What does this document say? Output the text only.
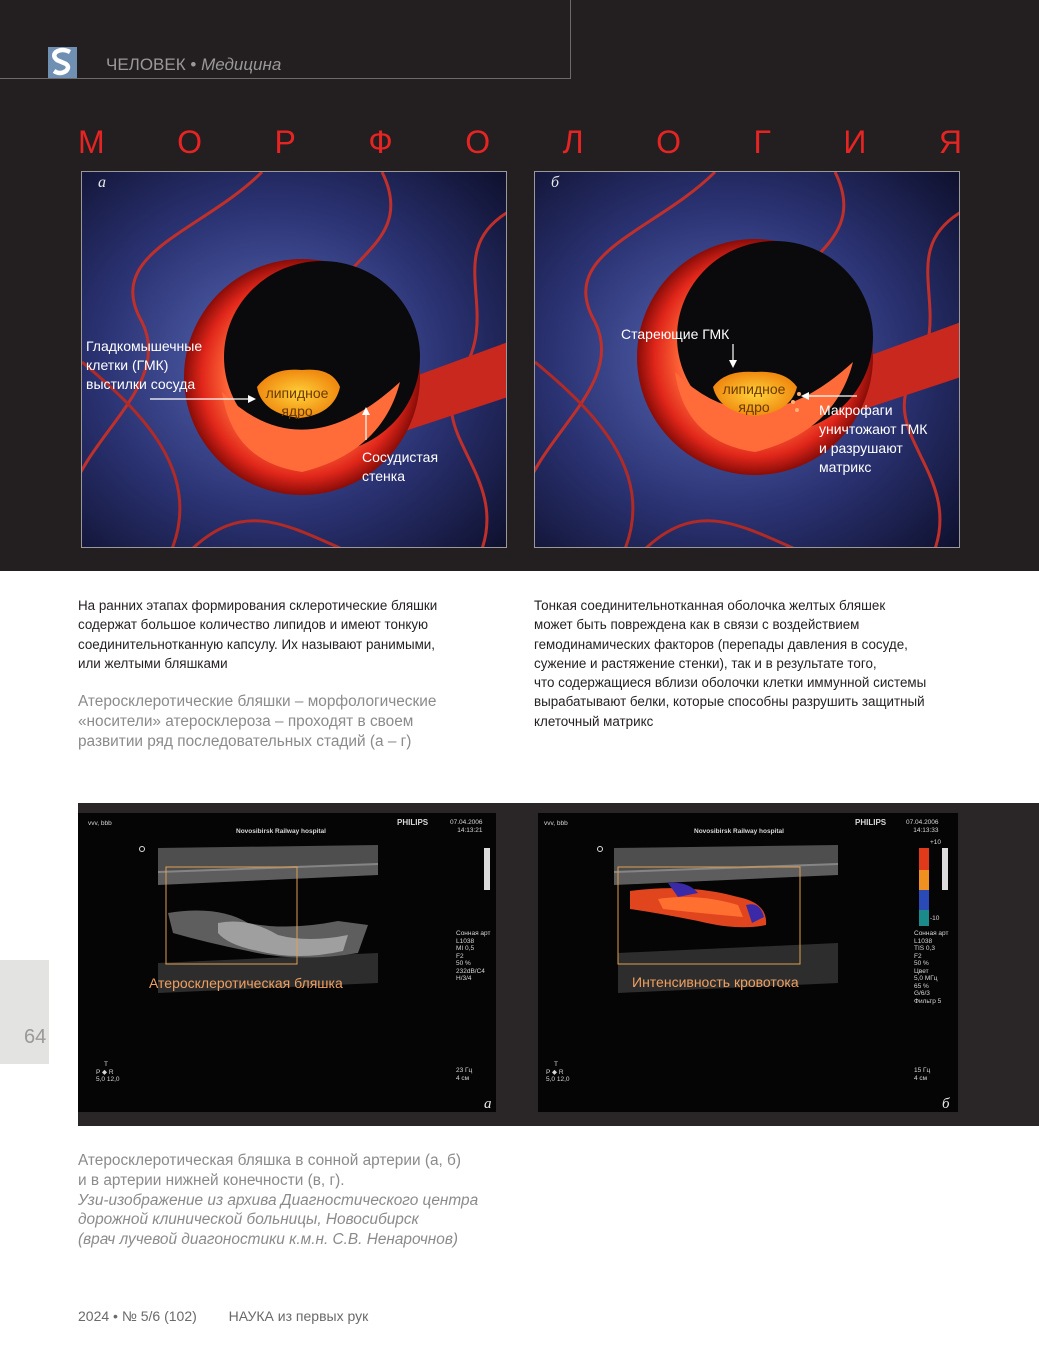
ЧЕЛОВЕК • Медицина
М О Р Ф О Л О Г И Я
а
Гладкомышечные
клетки (ГМК)
выстилки сосуда
липидное
ядро
Сосудистая
стенка
б
Стареющие ГМК
липидное
ядро	Макрофаги
уничтожают ГМК
и разрушают
матрикс
На ранних этапах формирования склеротические бляшки
содержат большое количество липидов и имеют тонкую
соединительнотканную капсулу. Их называют ранимыми,
или желтыми бляшками
Атеросклеротические бляшки – морфологические
«носители» атеросклероза – проходят в своем
развитии ряд последовательных стадий (а – г)
Тонкая соединительнотканная оболочка желтых бляшек
может быть повреждена как в связи с воздействием
гемодинамических факторов (перепады давления в сосуде,
сужение и растяжение стенки), так и в результате того,
что содержащиеся вблизи оболочки клетки иммунной системы
вырабатывают белки, которые способны разрушить защитный
клеточный матрикс
vvv, bbb
Novosibirsk Railway hospital
PHILIPS	07.04.2006
14:13:21
Сонная арт
L1038
MI 0,5
F2
50 %
232dB/C4
H/3/4
23 Гц
4 см
T
P ◆ R
5,0 12,0
Атеросклеротическая бляшка
а
vvv, bbb
Novosibirsk Railway hospital
PHILIPS	07.04.2006
14:13:33
+10
-10
Сонная арт
L1038
TIS 0,3
F2
50 %
Цвет
5,0 МГц
65 %
G/6/3
Фильтр 5
15 Гц
4 см
T
P ◆ R
5,0 12,0
Интенсивность кровотока
б
Атеросклеротическая бляшка в сонной артерии (а, б)
и в артерии нижней конечности (в, г).
Узи-изображение из архива Диагностического центра
дорожной клинической больницы, Новосибирск
(врач лучевой диагоностики к.м.н. С.В. Ненарочнов)
64
2024 • № 5/6 (102) НАУКА из первых рук
